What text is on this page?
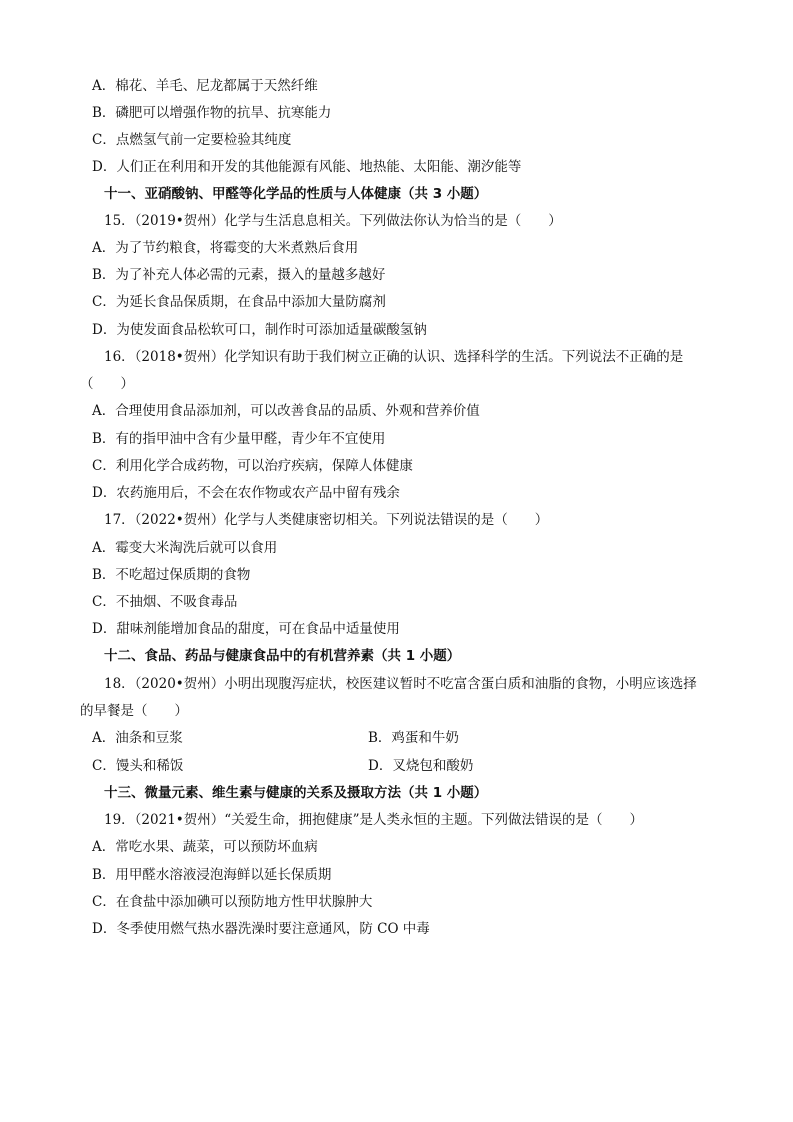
A．棉花、羊毛、尼龙都属于天然纤维
B．磷肥可以增强作物的抗旱、抗寒能力
C．点燃氢气前一定要检验其纯度
D．人们正在利用和开发的其他能源有风能、地热能、太阳能、潮汐能等
十一、亚硝酸钠、甲醛等化学品的性质与人体健康（共 3 小题）
15．（2019•贺州）化学与生活息息相关。下列做法你认为恰当的是（　　）
A．为了节约粮食，将霉变的大米煮熟后食用
B．为了补充人体必需的元素，摄入的量越多越好
C．为延长食品保质期，在食品中添加大量防腐剂
D．为使发面食品松软可口，制作时可添加适量碳酸氢钠
16．（2018•贺州）化学知识有助于我们树立正确的认识、选择科学的生活。下列说法不正确的是
（　　）
A．合理使用食品添加剂，可以改善食品的品质、外观和营养价值
B．有的指甲油中含有少量甲醛，青少年不宜使用
C．利用化学合成药物，可以治疗疾病，保障人体健康
D．农药施用后，不会在农作物或农产品中留有残余
17．（2022•贺州）化学与人类健康密切相关。下列说法错误的是（　　）
A．霉变大米淘洗后就可以食用
B．不吃超过保质期的食物
C．不抽烟、不吸食毒品
D．甜味剂能增加食品的甜度，可在食品中适量使用
十二、食品、药品与健康食品中的有机营养素（共 1 小题）
18．（2020•贺州）小明出现腹泻症状，校医建议暂时不吃富含蛋白质和油脂的食物，小明应该选择
的早餐是（　　）
A．油条和豆浆	B．鸡蛋和牛奶
C．馒头和稀饭	D．叉烧包和酸奶
十三、微量元素、维生素与健康的关系及摄取方法（共 1 小题）
19．（2021•贺州）“关爱生命，拥抱健康”是人类永恒的主题。下列做法错误的是（　　）
A．常吃水果、蔬菜，可以预防坏血病
B．用甲醛水溶液浸泡海鲜以延长保质期
C．在食盐中添加碘可以预防地方性甲状腺肿大
D．冬季使用燃气热水器洗澡时要注意通风，防 CO 中毒
